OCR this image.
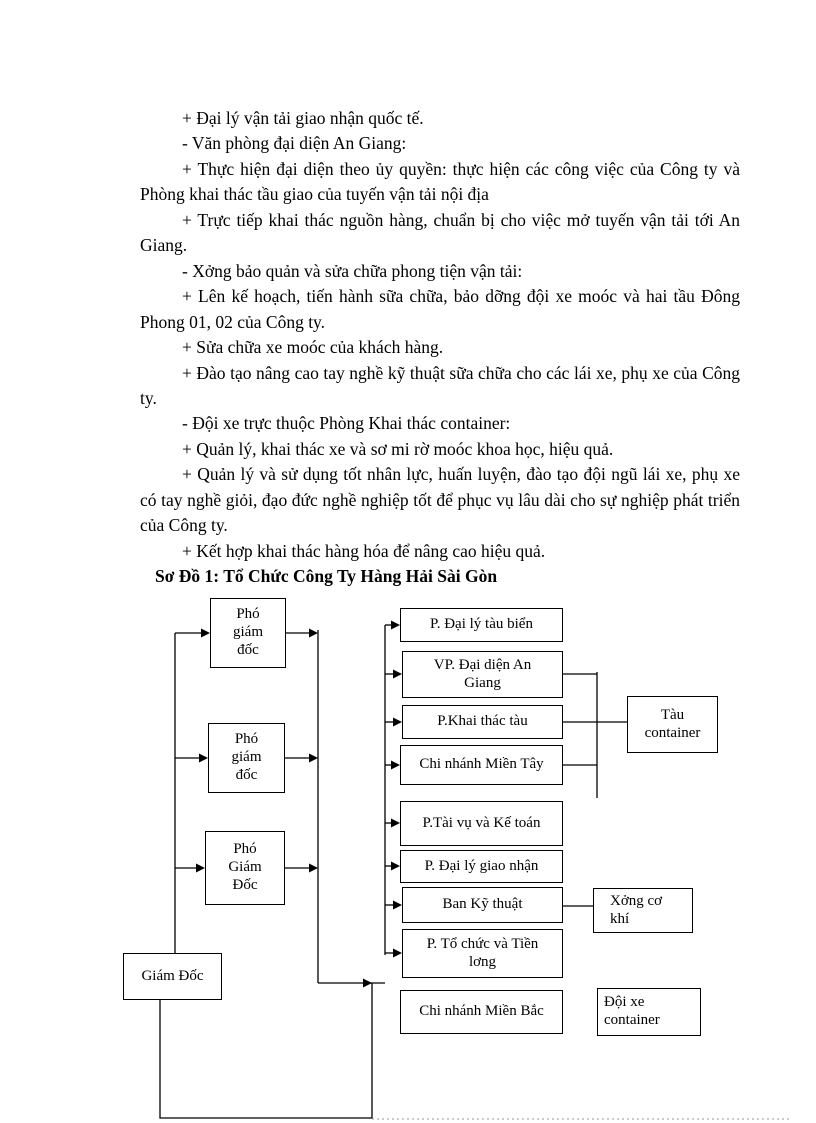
+ Đại lý vận tải giao nhận quốc tế.

- Văn phòng đại diện An Giang:

+ Thực hiện đại diện theo ủy quyền: thực hiện các công việc của Công ty và Phòng khai thác tầu giao của tuyến vận tải nội địa

+ Trực tiếp khai thác nguồn hàng, chuẩn bị cho việc mở tuyến vận tải tới An Giang.

- Xởng bảo quản và sửa chữa phong tiện vận tải:

+ Lên kế hoạch, tiến hành sữa chữa, bảo dỡng đội xe moóc và hai tầu Đông Phong 01, 02 của Công ty.

+ Sửa chữa xe moóc của khách hàng.

+ Đào tạo nâng cao tay nghề kỹ thuật sữa chữa cho các lái xe, phụ xe của Công ty.

- Đội xe trực thuộc Phòng Khai thác container:

+ Quản lý, khai thác xe và sơ mi rờ moóc khoa học, hiệu quả.

+ Quản lý và sử dụng tốt nhân lực, huấn luyện, đào tạo đội ngũ lái xe, phụ xe có tay nghề giỏi, đạo đức nghề nghiệp tốt để phục vụ lâu dài cho sự nghiệp phát triển của Công ty.

+ Kết hợp khai thác hàng hóa để nâng cao hiệu quả.

Sơ Đồ 1: Tổ Chức Công Ty Hàng Hải Sài Gòn

Phó giám đốc
Phó giám đốc
Phó Giám Đốc
Giám Đốc
P. Đại lý tàu biển
VP. Đại diện An Giang
P.Khai thác tàu
Chi nhánh Miền Tây
P.Tài vụ và Kế toán
P. Đại lý giao nhận
Ban Kỹ thuật
P. Tổ chức và Tiền lơng
Chi nhánh Miền Bắc
Tàu container
Xởng cơ khí
Đội xe container
